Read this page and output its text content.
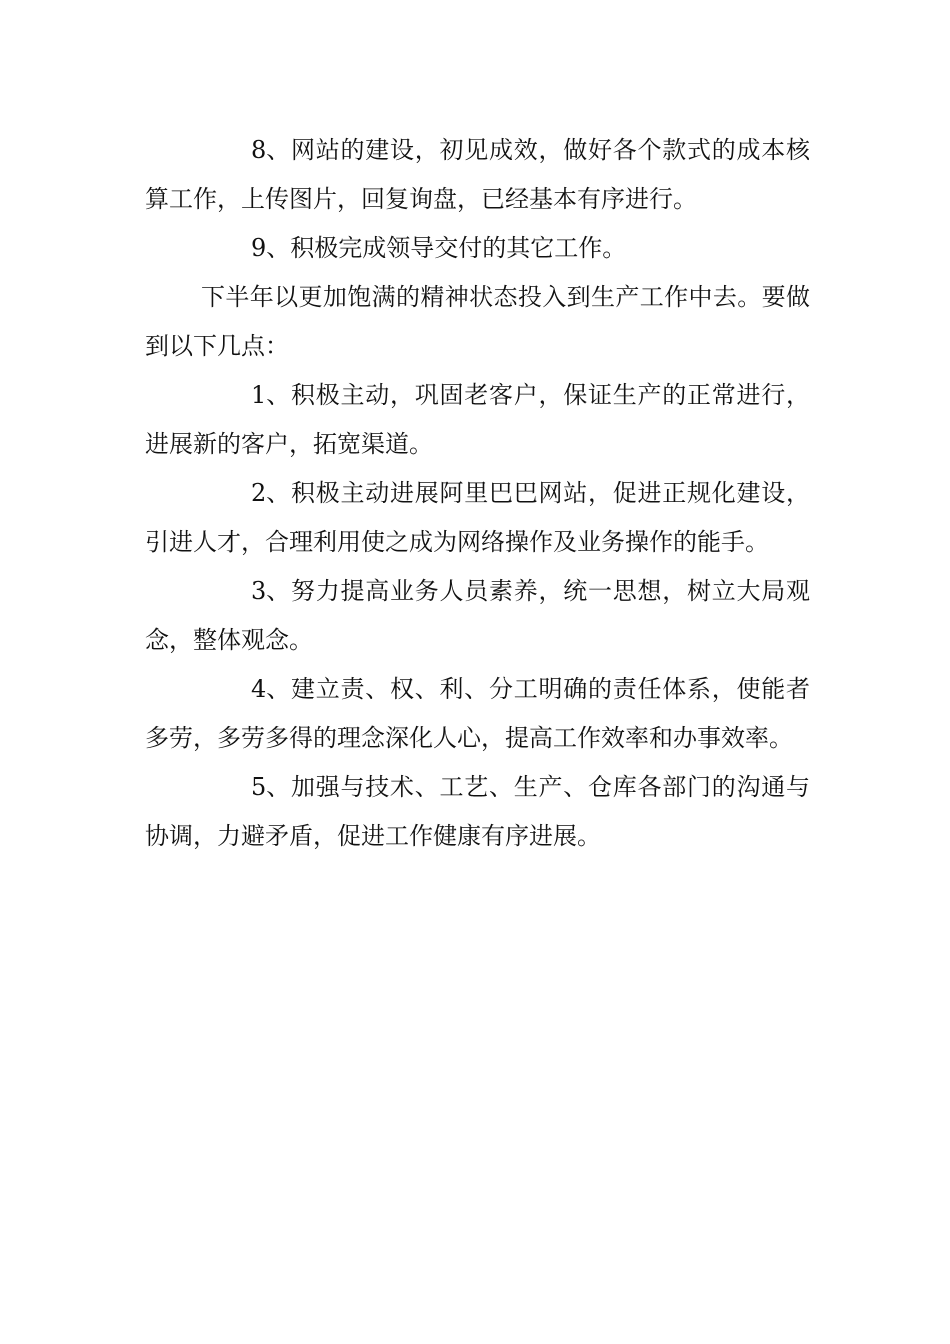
8、网站的建设，初见成效，做好各个款式的成本核算工作，上传图片，回复询盘，已经基本有序进行。

9、积极完成领导交付的其它工作。

下半年以更加饱满的精神状态投入到生产工作中去。要做到以下几点：

1、积极主动，巩固老客户，保证生产的正常进行，进展新的客户，拓宽渠道。

2、积极主动进展阿里巴巴网站，促进正规化建设，引进人才，合理利用使之成为网络操作及业务操作的能手。

3、努力提高业务人员素养，统一思想，树立大局观念，整体观念。

4、建立责、权、利、分工明确的责任体系，使能者多劳，多劳多得的理念深化人心，提高工作效率和办事效率。

5、加强与技术、工艺、生产、仓库各部门的沟通与协调，力避矛盾，促进工作健康有序进展。
